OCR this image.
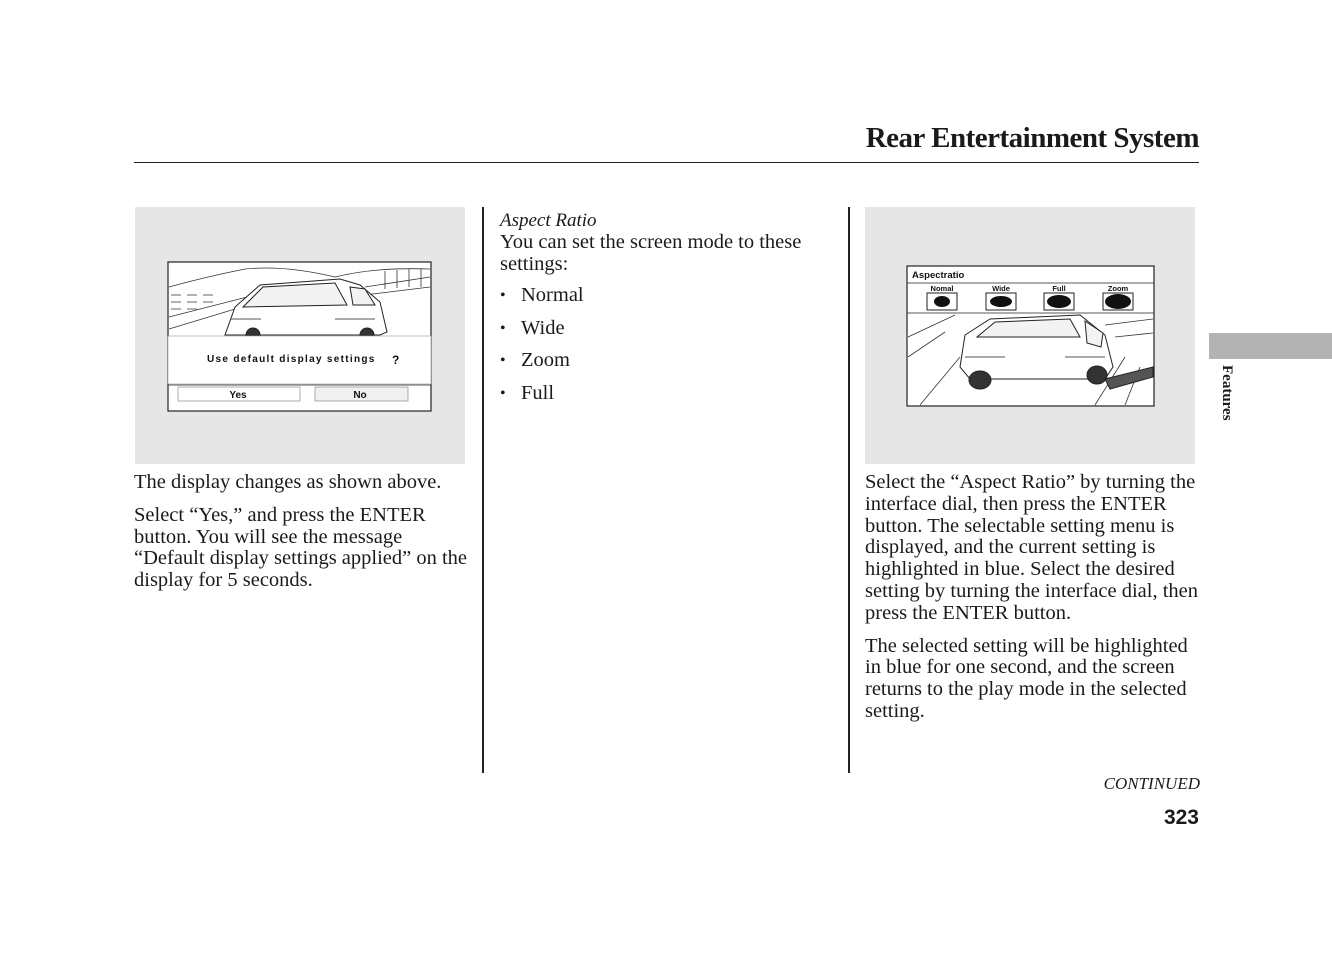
Rear Entertainment System
Use default display settings ?
Yes	No

The display changes as shown above.

Select “Yes,” and press the ENTER button. You will see the message “Default display settings applied” on the display for 5 seconds.

Aspect Ratio

You can set the screen mode to these settings:

• Normal
• Wide
• Zoom
• Full
Aspectratio
Nomal	Wide	Full	Zoom

Select the “Aspect Ratio” by turning the interface dial, then press the ENTER button. The selectable setting menu is displayed, and the current setting is highlighted in blue. Select the desired setting by turning the interface dial, then press the ENTER button.

The selected setting will be highlighted in blue for one second, and the screen returns to the play mode in the selected setting.

Features
CONTINUED
323
